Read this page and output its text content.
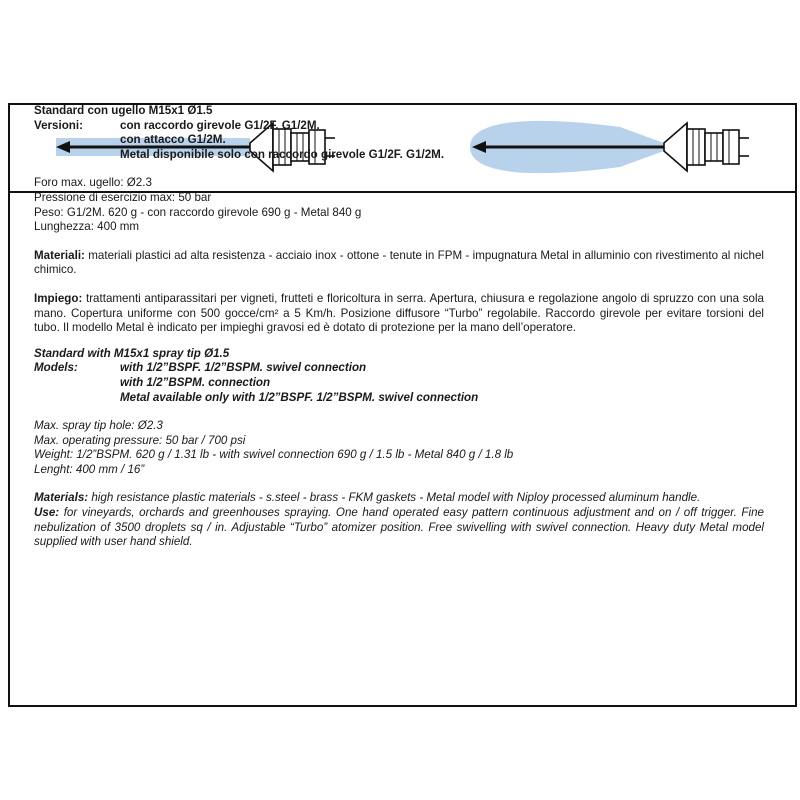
Standard con ugello M15x1 Ø1.5
Versioni:	con raccordo girevole G1/2F. G1/2M.
con attacco G1/2M.
Metal disponibile solo con raccordo girevole G1/2F. G1/2M.
Foro max. ugello: Ø2.3
Pressione di esercizio max: 50 bar
Peso: G1/2M. 620 g - con raccordo girevole 690 g - Metal 840 g
Lunghezza: 400 mm
Materiali: materiali plastici ad alta resistenza - acciaio inox - ottone - tenute in FPM - impugnatura Metal in alluminio con rivestimento al nichel chimico.
Impiego: trattamenti antiparassitari per vigneti, frutteti e floricoltura in serra. Apertura, chiusura e regolazione angolo di spruzzo con una sola mano. Copertura uniforme con 500 gocce/cm² a 5 Km/h. Posizione diffusore “Turbo” regolabile. Raccordo girevole per evitare torsioni del tubo. Il modello Metal è indicato per impieghi gravosi ed è dotato di protezione per la mano dell’operatore.
Standard with M15x1 spray tip Ø1.5
Models:	with 1/2”BSPF. 1/2”BSPM. swivel connection
with 1/2”BSPM. connection
Metal available only with 1/2”BSPF. 1/2”BSPM. swivel connection
Max. spray tip hole: Ø2.3
Max. operating pressure: 50 bar / 700 psi
Weight: 1/2”BSPM. 620 g / 1.31 lb - with swivel connection 690 g / 1.5 lb - Metal 840 g / 1.8 lb
Lenght: 400 mm / 16”
Materials: high resistance plastic materials - s.steel - brass - FKM gaskets - Metal model with Niploy processed aluminum handle.
Use: for vineyards, orchards and greenhouses spraying. One hand operated easy pattern continuous adjustment and on / off trigger. Fine nebulization of 3500 droplets sq / in. Adjustable “Turbo” atomizer position. Free swivelling with swivel connection. Heavy duty Metal model supplied with user hand shield.
